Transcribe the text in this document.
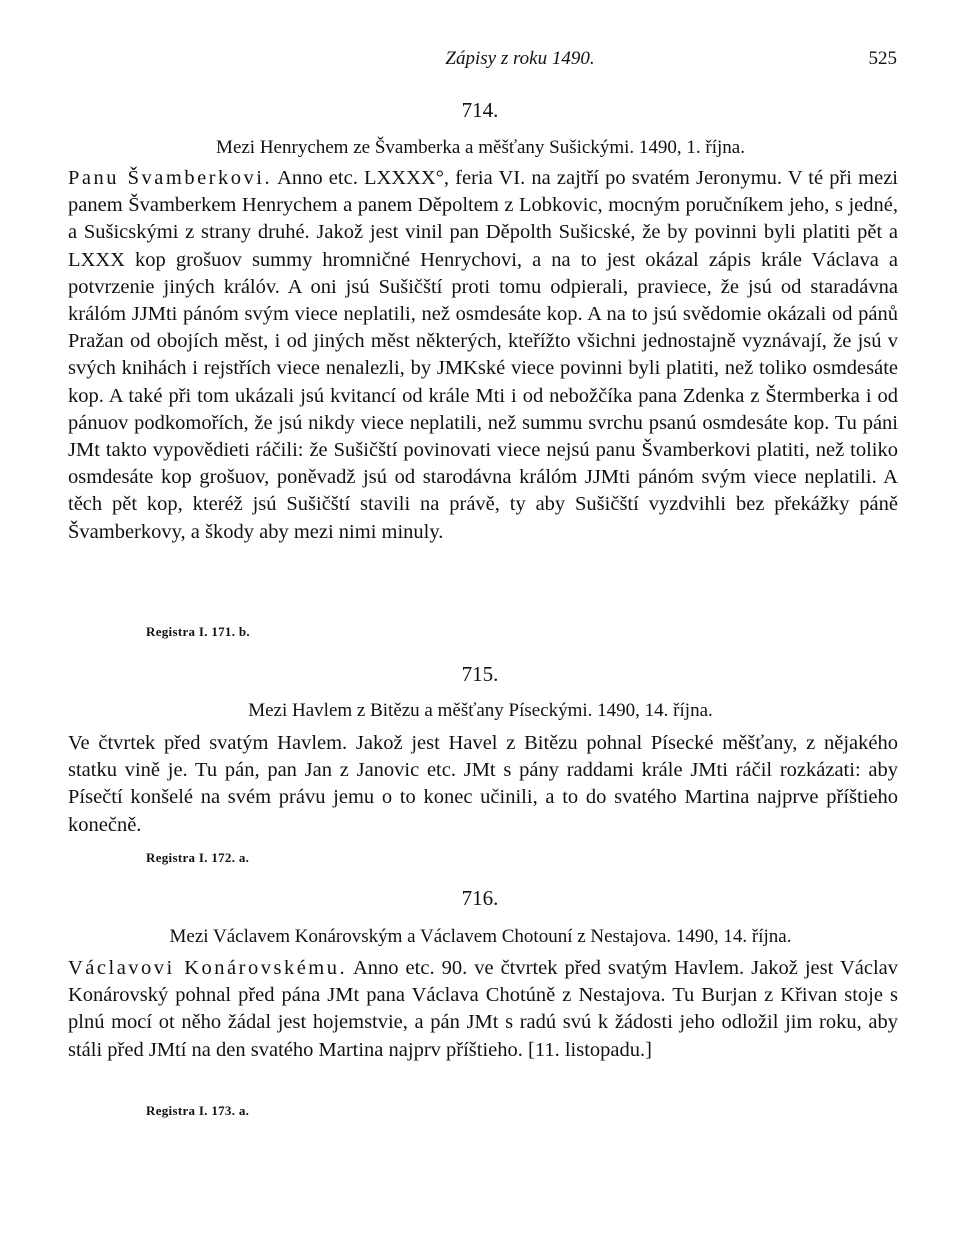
Zápisy z roku 1490.	525
714.
Mezi Henrychem ze Švamberka a měšťany Sušickými. 1490, 1. října.
Panu Švamberkovi. Anno etc. LXXXX°, feria VI. na zajtří po svatém Jeronymu. V té při mezi panem Švamberkem Henrychem a panem Děpoltem z Lobkovic, mocným poručníkem jeho, s jedné, a Sušicskými z strany druhé. Jakož jest vinil pan Děpolth Sušicské, že by povinni byli platiti pět a LXXX kop grošuov summy hromničné Henrychovi, a na to jest okázal zápis krále Václava a potvrzenie jiných králóv. A oni jsú Sušičští proti tomu odpierali, praviece, že jsú od staradávna králóm JJMti pánóm svým viece neplatili, než osmdesáte kop. A na to jsú svědomie okázali od pánů Pražan od obojích měst, i od jiných měst některých, kteřížto všichni jednostajně vyznávají, že jsú v svých knihách i rejstřích viece nenalezli, by JMKské viece povinni byli platiti, než toliko osmdesáte kop. A také při tom ukázali jsú kvitancí od krále Mti i od nebožčíka pana Zdenka z Štermberka i od pánuov podkomořích, že jsú nikdy viece neplatili, než summu svrchu psanú osmdesáte kop. Tu páni JMt takto vypovědieti ráčili: že Sušičští povinovati viece nejsú panu Švamberkovi platiti, než toliko osmdesáte kop grošuov, poněvadž jsú od starodávna králóm JJMti pánóm svým viece neplatili. A těch pět kop, kteréž jsú Sušičští stavili na právě, ty aby Sušičští vyzdvihli bez překážky páně Švamberkovy, a škody aby mezi nimi minuly.
Registra I. 171. b.
715.
Mezi Havlem z Bitězu a měšťany Píseckými. 1490, 14. října.
Ve čtvrtek před svatým Havlem. Jakož jest Havel z Bitězu pohnal Písecké měšťany, z nějakého statku vině je. Tu pán, pan Jan z Janovic etc. JMt s pány raddami krále JMti ráčil rozkázati: aby Písečtí konšelé na svém právu jemu o to konec učinili, a to do svatého Martina najprve příštieho konečně.
Registra I. 172. a.
716.
Mezi Václavem Konárovským a Václavem Chotouní z Nestajova. 1490, 14. října.
Václavovi Konárovskému. Anno etc. 90. ve čtvrtek před svatým Havlem. Jakož jest Václav Konárovský pohnal před pána JMt pana Václava Chotúně z Nestajova. Tu Burjan z Křivan stoje s plnú mocí ot něho žádal jest hojemstvie, a pán JMt s radú svú k žádosti jeho odložil jim roku, aby stáli před JMtí na den svatého Martina najprv příštieho. [11. listopadu.]
Registra I. 173. a.
